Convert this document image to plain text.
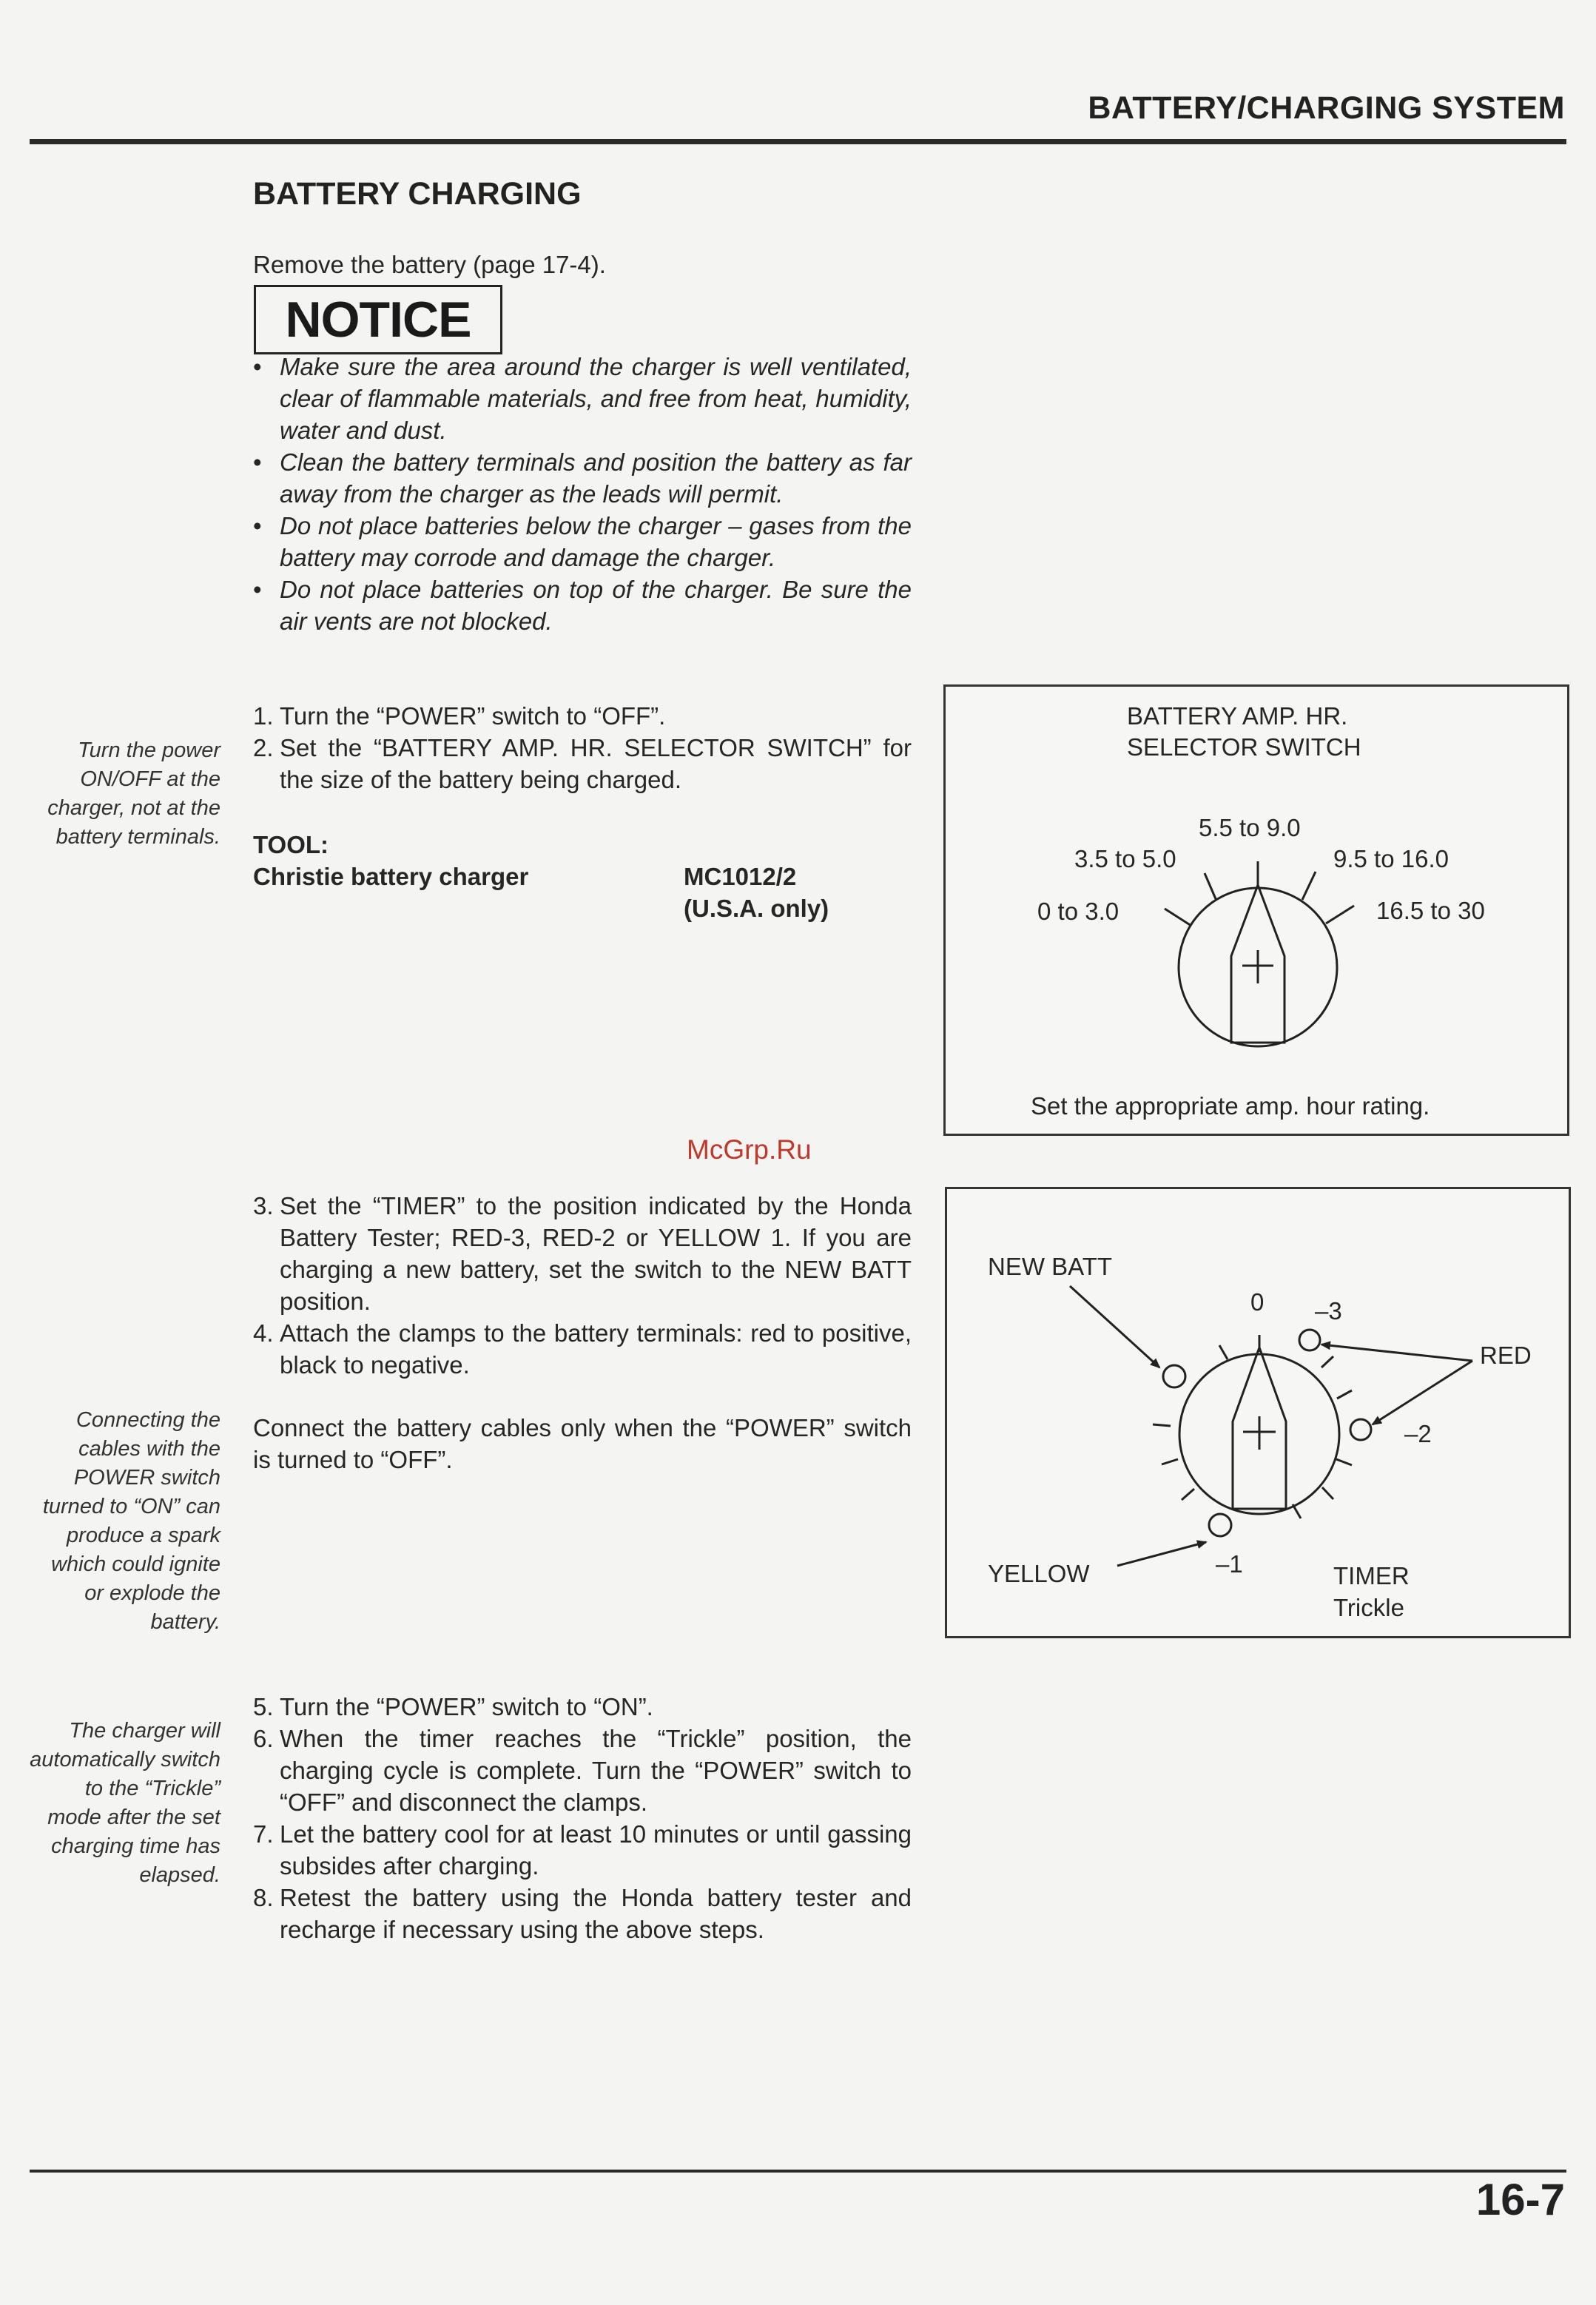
BATTERY/CHARGING SYSTEM
BATTERY CHARGING
Remove the battery (page 17-4).
NOTICE
• Make sure the area around the charger is well ventilated, clear of flammable materials, and free from heat, humidity, water and dust.
• Clean the battery terminals and position the battery as far away from the charger as the leads will permit.
• Do not place batteries below the charger – gases from the battery may corrode and damage the charger.
• Do not place batteries on top of the charger. Be sure the air vents are not blocked.
1. Turn the “POWER” switch to “OFF”.
2. Set the “BATTERY AMP. HR. SELECTOR SWITCH” for the size of the battery being charged.
Turn the power ON/OFF at the charger, not at the battery terminals.
Connecting the cables with the POWER switch turned to “ON” can produce a spark which could ignite or explode the battery.
The charger will automatically switch to the “Trickle” mode after the set charging time has elapsed.
TOOL:
Christie battery charger	MC1012/2
(U.S.A. only)
BATTERY AMP. HR.
SELECTOR SWITCH
0 to 3.0
3.5 to 5.0
5.5 to 9.0
9.5 to 16.0
16.5 to 30
Set the appropriate amp. hour rating.
McGrp.Ru
3. Set the “TIMER” to the position indicated by the Honda Battery Tester; RED-3, RED-2 or YELLOW 1. If you are charging a new battery, set the switch to the NEW BATT position.
4. Attach the clamps to the battery terminals: red to positive, black to negative.
Connect the battery cables only when the “POWER” switch is turned to “OFF”.
NEW BATT
0 –3
RED
–2
YELLOW	–1	TIMER
Trickle
5. Turn the “POWER” switch to “ON”.
6. When the timer reaches the “Trickle” position, the charging cycle is complete. Turn the “POWER” switch to “OFF” and disconnect the clamps.
7. Let the battery cool for at least 10 minutes or until gassing subsides after charging.
8. Retest the battery using the Honda battery tester and recharge if necessary using the above steps.
16-7
